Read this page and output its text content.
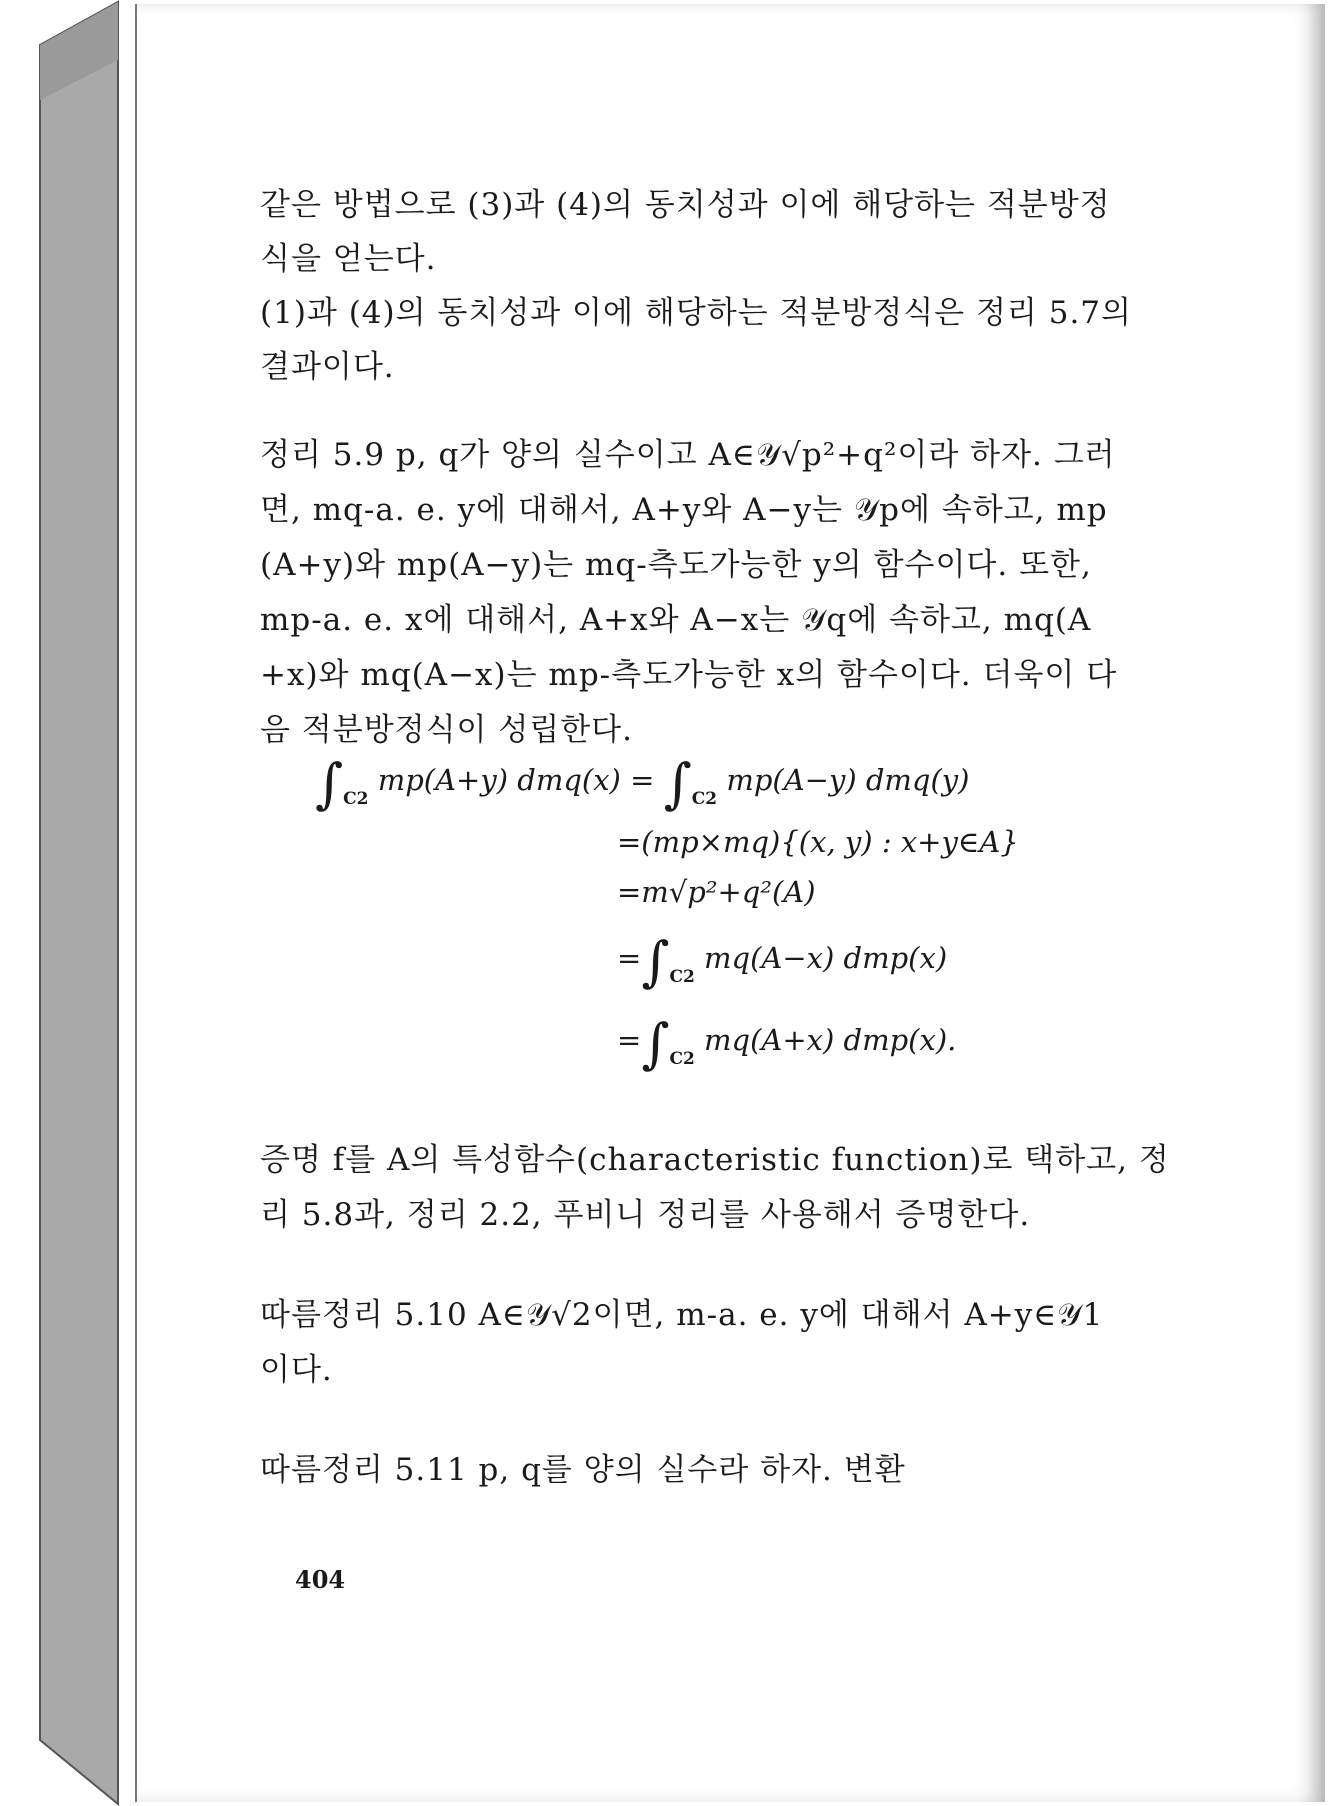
같은 방법으로 (3)과 (4)의 동치성과 이에 해당하는 적분방정
식을 얻는다.
(1)과 (4)의 동치성과 이에 해당하는 적분방정식은 정리 5.7의
결과이다.
정리 5.9 p, q가 양의 실수이고 A∈𝒴√p²+q²이라 하자. 그러
면, mq-a. e. y에 대해서, A+y와 A−y는 𝒴p에 속하고, mp
(A+y)와 mp(A−y)는 mq-측도가능한 y의 함수이다. 또한,
mp-a. e. x에 대해서, A+x와 A−x는 𝒴q에 속하고, mq(A
+x)와 mq(A−x)는 mp-측도가능한 x의 함수이다. 더욱이 다
음 적분방정식이 성립한다.
증명 f를 A의 특성함수(characteristic function)로 택하고, 정
리 5.8과, 정리 2.2, 푸비니 정리를 사용해서 증명한다.
따름정리 5.10 A∈𝒴√2이면, m-a. e. y에 대해서 A+y∈𝒴1
이다.
따름정리 5.11 p, q를 양의 실수라 하자. 변환
$\int_{C2}$ mp(A+y) $dmq(x) = \int_{C2}$ mp(A−y) dmq(y)
=(mp×mq){(x, y) : x+y∈A}
=m√p²+q²(A)
$=\int_{C2}$ mq(A−x) dmp(x)
$=\int_{C2}$ mq(A+x) dmp(x).
404
